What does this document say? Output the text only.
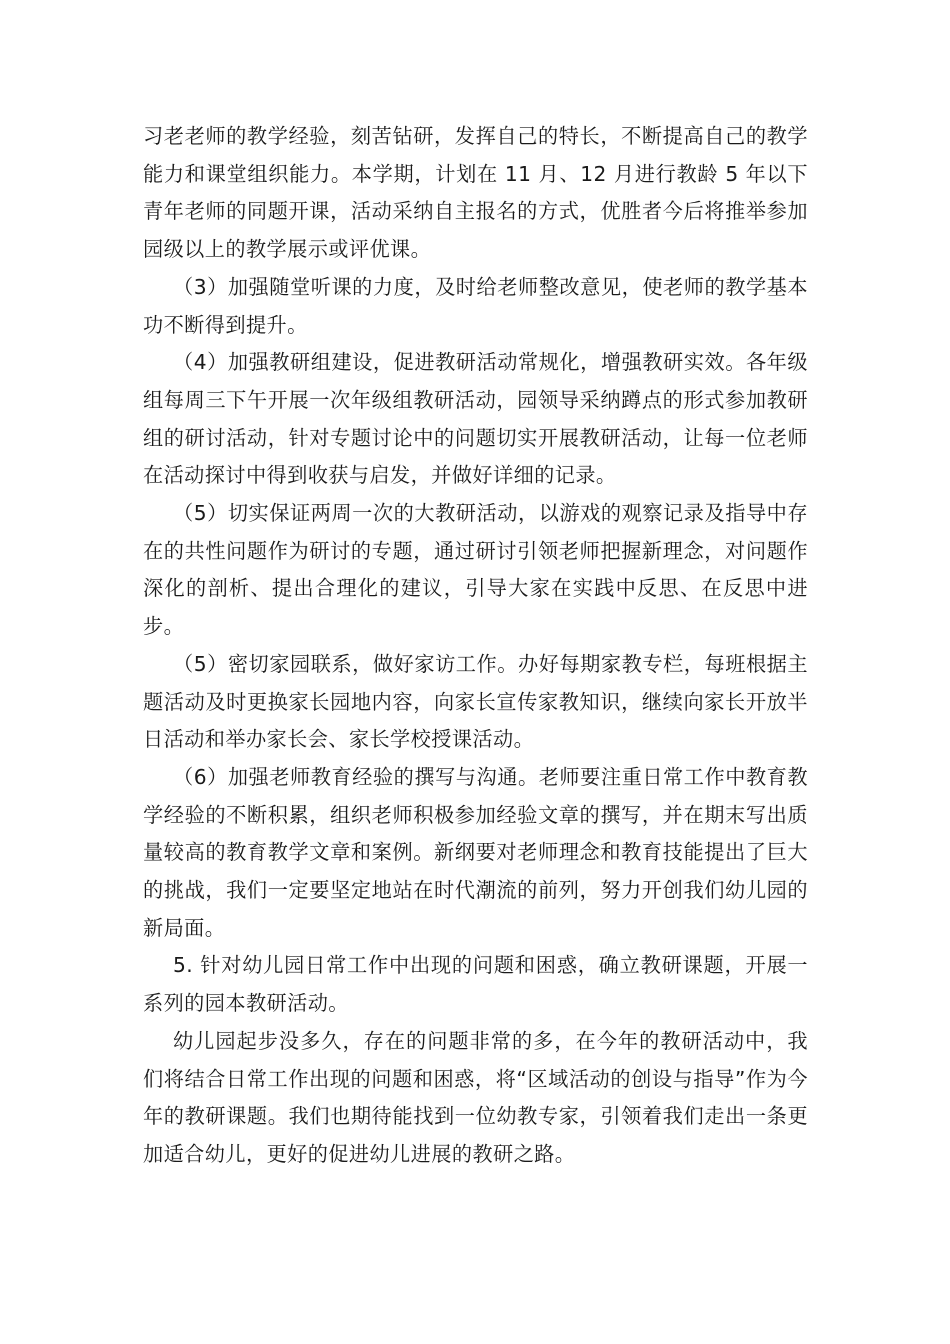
习老老师的教学经验，刻苦钻研，发挥自己的特长，不断提高自己的教学能力和课堂组织能力。本学期，计划在 11 月、12 月进行教龄 5 年以下青年老师的同题开课，活动采纳自主报名的方式，优胜者今后将推举参加园级以上的教学展示或评优课。

（3）加强随堂听课的力度，及时给老师整改意见，使老师的教学基本功不断得到提升。

（4）加强教研组建设，促进教研活动常规化，增强教研实效。各年级组每周三下午开展一次年级组教研活动，园领导采纳蹲点的形式参加教研组的研讨活动，针对专题讨论中的问题切实开展教研活动，让每一位老师在活动探讨中得到收获与启发，并做好详细的记录。

（5）切实保证两周一次的大教研活动，以游戏的观察记录及指导中存在的共性问题作为研讨的专题，通过研讨引领老师把握新理念，对问题作深化的剖析、提出合理化的建议，引导大家在实践中反思、在反思中进步。

（5）密切家园联系，做好家访工作。办好每期家教专栏，每班根据主题活动及时更换家长园地内容，向家长宣传家教知识，继续向家长开放半日活动和举办家长会、家长学校授课活动。

（6）加强老师教育经验的撰写与沟通。老师要注重日常工作中教育教学经验的不断积累，组织老师积极参加经验文章的撰写，并在期末写出质量较高的教育教学文章和案例。新纲要对老师理念和教育技能提出了巨大的挑战，我们一定要坚定地站在时代潮流的前列，努力开创我们幼儿园的新局面。

5. 针对幼儿园日常工作中出现的问题和困惑，确立教研课题，开展一系列的园本教研活动。

幼儿园起步没多久，存在的问题非常的多，在今年的教研活动中，我们将结合日常工作出现的问题和困惑，将“区域活动的创设与指导”作为今年的教研课题。我们也期待能找到一位幼教专家，引领着我们走出一条更加适合幼儿，更好的促进幼儿进展的教研之路。
